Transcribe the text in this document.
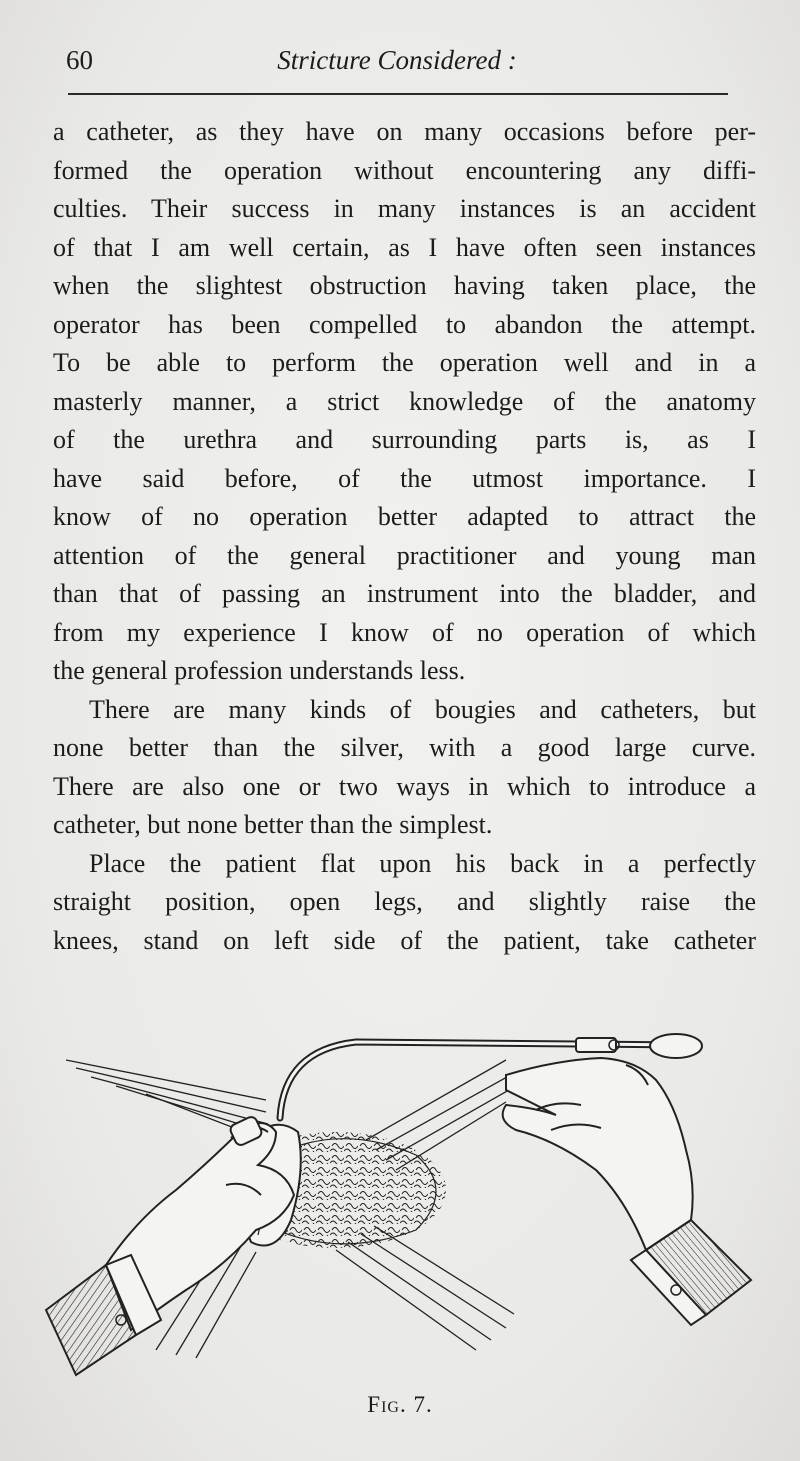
60	Stricture Considered :

a catheter, as they have on many occasions before per-
formed the operation without encountering any diffi-
culties. Their success in many instances is an accident
of that I am well certain, as I have often seen instances
when the slightest obstruction having taken place, the
operator has been compelled to abandon the attempt.
To be able to perform the operation well and in a
masterly manner, a strict knowledge of the anatomy
of the urethra and surrounding parts is, as I
have said before, of the utmost importance. I
know of no operation better adapted to attract the
attention of the general practitioner and young man
than that of passing an instrument into the bladder, and
from my experience I know of no operation of which
the general profession understands less.

There are many kinds of bougies and catheters, but
none better than the silver, with a good large curve.
There are also one or two ways in which to introduce a
catheter, but none better than the simplest.

Place the patient flat upon his back in a perfectly
straight position, open legs, and slightly raise the
knees, stand on left side of the patient, take catheter

Fig. 7.
